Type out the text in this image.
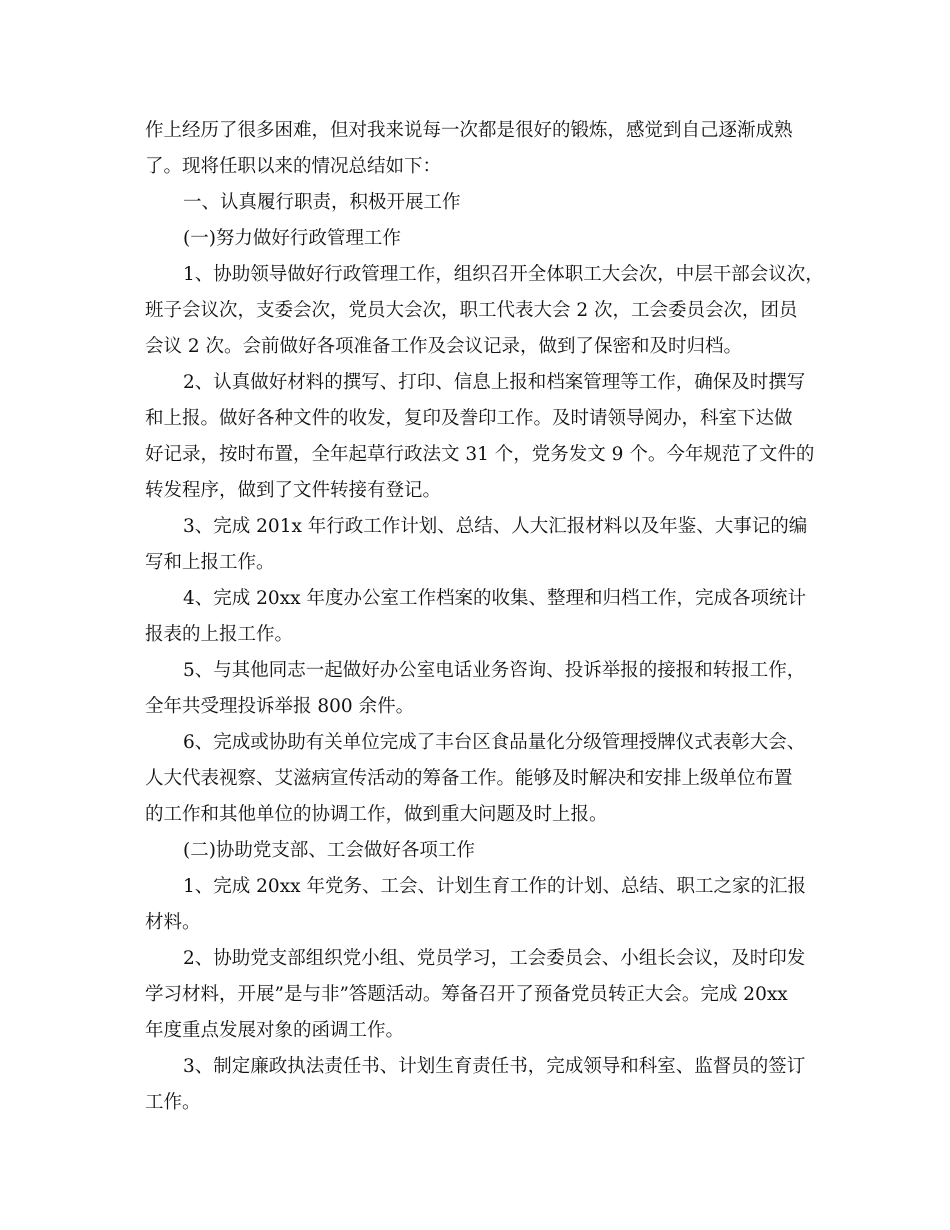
作上经历了很多困难，但对我来说每一次都是很好的锻炼，感觉到自己逐渐成熟

了。现将任职以来的情况总结如下：

一、认真履行职责，积极开展工作

(一)努力做好行政管理工作

1、协助领导做好行政管理工作，组织召开全体职工大会次，中层干部会议次，

班子会议次，支委会次，党员大会次，职工代表大会 2 次，工会委员会次，团员

会议 2 次。会前做好各项准备工作及会议记录，做到了保密和及时归档。

2、认真做好材料的撰写、打印、信息上报和档案管理等工作，确保及时撰写

和上报。做好各种文件的收发，复印及誊印工作。及时请领导阅办，科室下达做

好记录，按时布置，全年起草行政法文 31 个，党务发文 9 个。今年规范了文件的

转发程序，做到了文件转接有登记。

3、完成 201x 年行政工作计划、总结、人大汇报材料以及年鉴、大事记的编

写和上报工作。

4、完成 20xx 年度办公室工作档案的收集、整理和归档工作，完成各项统计

报表的上报工作。

5、与其他同志一起做好办公室电话业务咨询、投诉举报的接报和转报工作，

全年共受理投诉举报 800 余件。

6、完成或协助有关单位完成了丰台区食品量化分级管理授牌仪式表彰大会、

人大代表视察、艾滋病宣传活动的筹备工作。能够及时解决和安排上级单位布置

的工作和其他单位的协调工作，做到重大问题及时上报。

(二)协助党支部、工会做好各项工作

1、完成 20xx 年党务、工会、计划生育工作的计划、总结、职工之家的汇报

材料。

2、协助党支部组织党小组、党员学习，工会委员会、小组长会议，及时印发

学习材料，开展”是与非”答题活动。筹备召开了预备党员转正大会。完成 20xx

年度重点发展对象的函调工作。

3、制定廉政执法责任书、计划生育责任书，完成领导和科室、监督员的签订

工作。
